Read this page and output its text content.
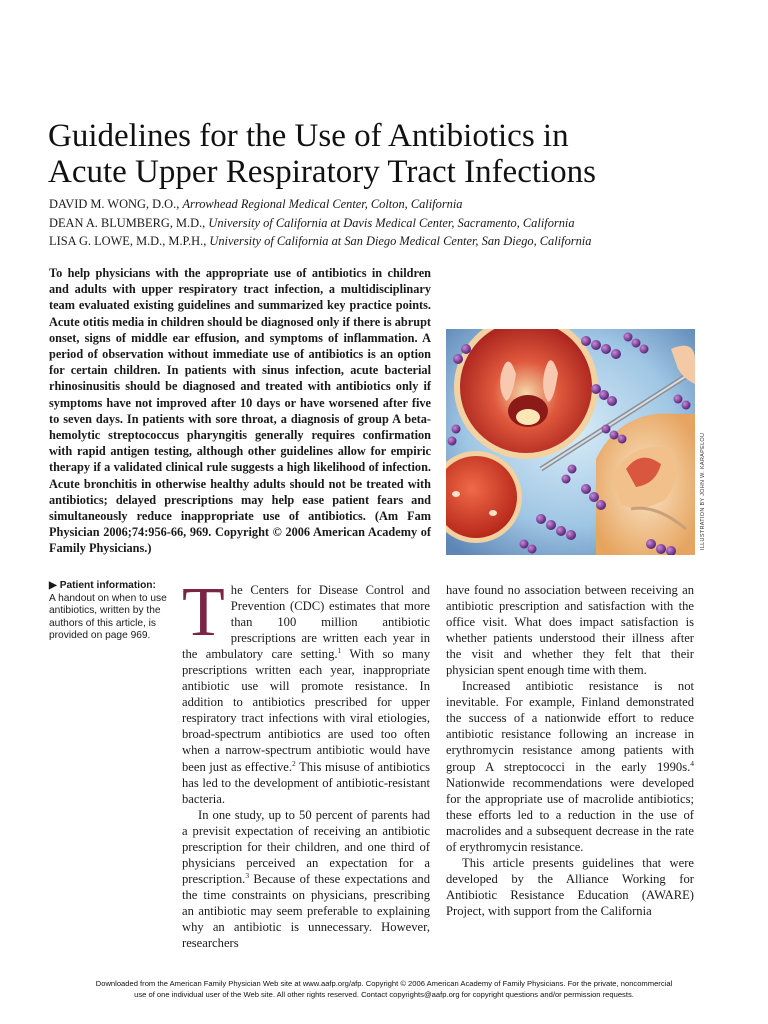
Guidelines for the Use of Antibiotics in
Acute Upper Respiratory Tract Infections
DAVID M. WONG, D.O., Arrowhead Regional Medical Center, Colton, California
DEAN A. BLUMBERG, M.D., University of California at Davis Medical Center, Sacramento, California
LISA G. LOWE, M.D., M.P.H., University of California at San Diego Medical Center, San Diego, California

To help physicians with the appropriate use of antibiotics in children and adults with upper respiratory tract infection, a multidisciplinary team evaluated existing guidelines and summarized key practice points. Acute otitis media in children should be diagnosed only if there is abrupt onset, signs of middle ear effusion, and symptoms of inflammation. A period of observation without immediate use of antibiotics is an option for certain children. In patients with sinus infection, acute bacterial rhinosinusitis should be diagnosed and treated with antibiotics only if symptoms have not improved after 10 days or have worsened after five to seven days. In patients with sore throat, a diagnosis of group A beta-hemolytic streptococcus pharyngitis generally requires confirmation with rapid antigen testing, although other guidelines allow for empiric therapy if a validated clinical rule suggests a high likelihood of infection. Acute bronchitis in otherwise healthy adults should not be treated with antibiotics; delayed prescriptions may help ease patient fears and simultaneously reduce inappropriate use of antibiotics. (Am Fam Physician 2006;74:956-66, 969. Copyright © 2006 American Academy of Family Physicians.)	ILLUSTRATION BY JOHN W. KARAPELOU
▶ Patient information:
A handout on when to use antibiotics, written by the authors of this article, is provided on page 969. The Centers for Disease Control and Prevention (CDC) estimates that more than 100 million antibiotic prescriptions are written each year in the ambulatory care setting.$^1$ With so many prescriptions written each year, inappropriate antibiotic use will promote resistance. In addition to antibiotics prescribed for upper respiratory tract infections with viral etiologies, broad-spectrum antibiotics are used too often when a narrow-spectrum antibiotic would have been just as effective.$^2$ This misuse of antibiotics has led to the development of antibiotic-resistant bacteria.

In one study, up to 50 percent of parents had a previsit expectation of receiving an antibiotic prescription for their children, and one third of physicians perceived an expectation for a prescription.$^3$ Because of these expectations and the time constraints on physicians, prescribing an antibiotic may seem preferable to explaining why an antibiotic is unnecessary. However, researchers

have found no association between receiving an antibiotic prescription and satisfaction with the office visit. What does impact satisfaction is whether patients understood their illness after the visit and whether they felt that their physician spent enough time with them.

Increased antibiotic resistance is not inevitable. For example, Finland demonstrated the success of a nationwide effort to reduce antibiotic resistance following an increase in erythromycin resistance among patients with group A streptococci in the early 1990s.$^4$ Nationwide recommendations were developed for the appropriate use of macrolide antibiotics; these efforts led to a reduction in the use of macrolides and a subsequent decrease in the rate of erythromycin resistance.

This article presents guidelines that were developed by the Alliance Working for Antibiotic Resistance Education (AWARE) Project, with support from the California

Downloaded from the American Family Physician Web site at www.aafp.org/afp. Copyright © 2006 American Academy of Family Physicians. For the private, noncommercial
use of one individual user of the Web site. All other rights reserved. Contact copyrights@aafp.org for copyright questions and/or permission requests.
